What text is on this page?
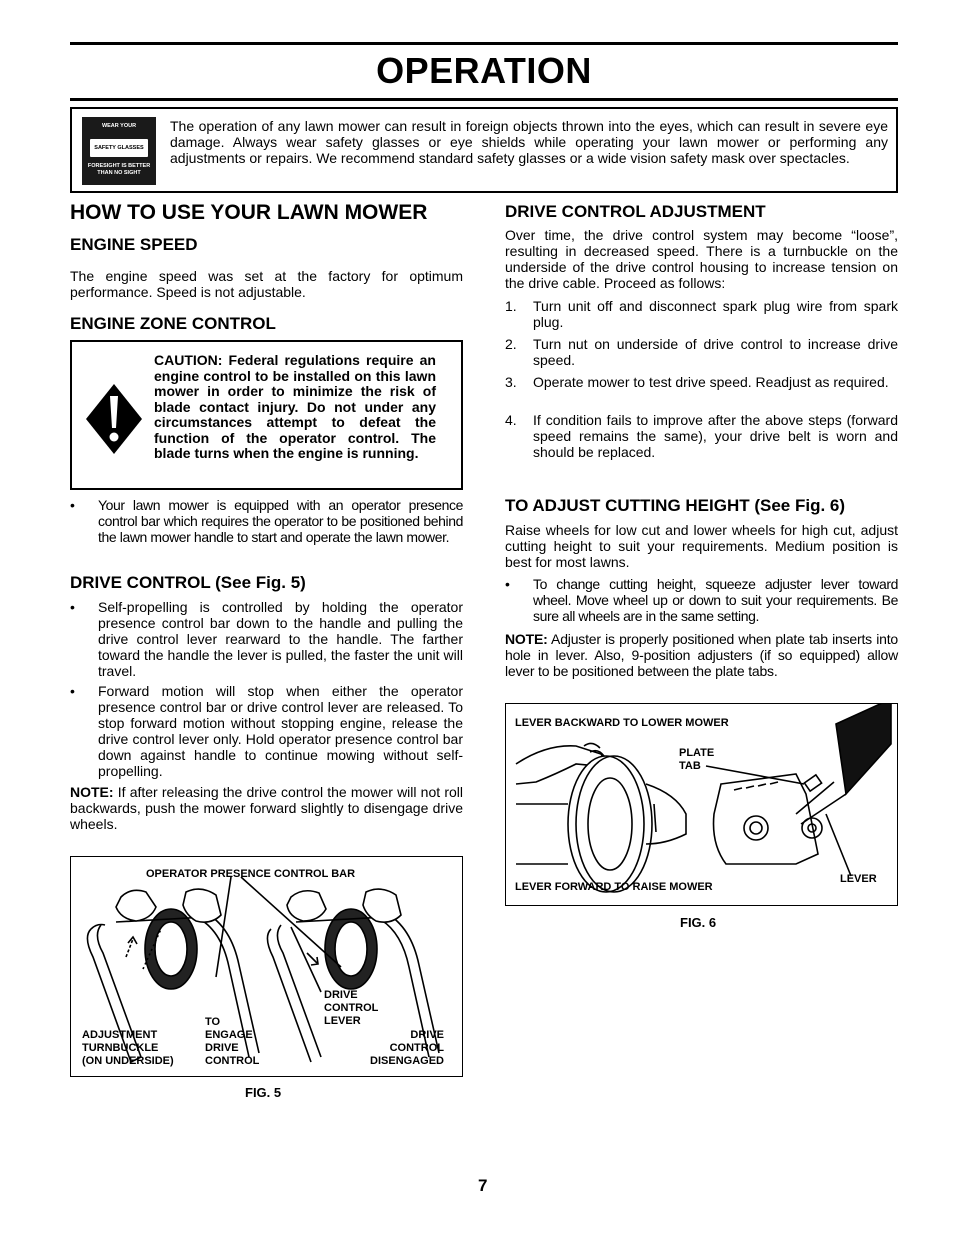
OPERATION
WEAR YOUR
SAFETY GLASSES
FORESIGHT IS BETTER
THAN NO SIGHT
The operation of any lawn mower can result in foreign objects thrown into the eyes, which can result in severe eye damage. Always wear safety glasses or eye shields while operating your lawn mower or performing any adjustments or repairs. We recommend standard safety glasses or a wide vision safety mask over spectacles.
HOW TO USE YOUR LAWN MOWER
ENGINE SPEED

The engine speed was set at the factory for optimum performance. Speed is not adjustable.

ENGINE ZONE CONTROL
CAUTION: Federal regulations require an engine control to be installed on this lawn mower in order to minimize the risk of blade contact injury. Do not under any circumstances attempt to defeat the function of the operator control. The blade turns when the engine is running.
• Your lawn mower is equipped with an operator presence control bar which requires the operator to be positioned behind the lawn mower handle to start and operate the lawn mower.
DRIVE CONTROL (See Fig. 5)
• Self-propelling is controlled by holding the operator presence control bar down to the handle and pulling the drive control lever rearward to the handle. The farther toward the handle the lever is pulled, the faster the unit will travel.
• Forward motion will stop when either the operator presence control bar or drive control lever are released. To stop forward motion without stopping engine, release the drive control lever only. Hold operator presence control bar down against handle to continue mowing without self-propelling.

NOTE: If after releasing the drive control the mower will not roll backwards, push the mower forward slightly to disengage drive wheels.

OPERATOR PRESENCE CONTROL BAR
DRIVE
CONTROL
LEVER
ADJUSTMENT
TURNBUCKLE
(ON UNDERSIDE)
TO
ENGAGE
DRIVE
CONTROL
DRIVE
CONTROL
DISENGAGED
FIG. 5
DRIVE CONTROL ADJUSTMENT

Over time, the drive control system may become “loose”, resulting in decreased speed. There is a turnbuckle on the underside of the drive control housing to increase tension on the drive cable. Proceed as follows:

1. Turn unit off and disconnect spark plug wire from spark plug.
2. Turn nut on underside of drive control to increase drive speed.
3. Operate mower to test drive speed. Readjust as required.
4. If condition fails to improve after the above steps (forward speed remains the same), your drive belt is worn and should be replaced.
TO ADJUST CUTTING HEIGHT (See Fig. 6)

Raise wheels for low cut and lower wheels for high cut, adjust cutting height to suit your requirements. Medium position is best for most lawns.

• To change cutting height, squeeze adjuster lever toward wheel. Move wheel up or down to suit your requirements. Be sure all wheels are in the same setting.

NOTE: Adjuster is properly positioned when plate tab inserts into hole in lever. Also, 9-position adjusters (if so equipped) allow lever to be positioned between the plate tabs.

LEVER BACKWARD TO LOWER MOWER
PLATE
TAB
LEVER FORWARD TO RAISE MOWER
LEVER
FIG. 6
7
